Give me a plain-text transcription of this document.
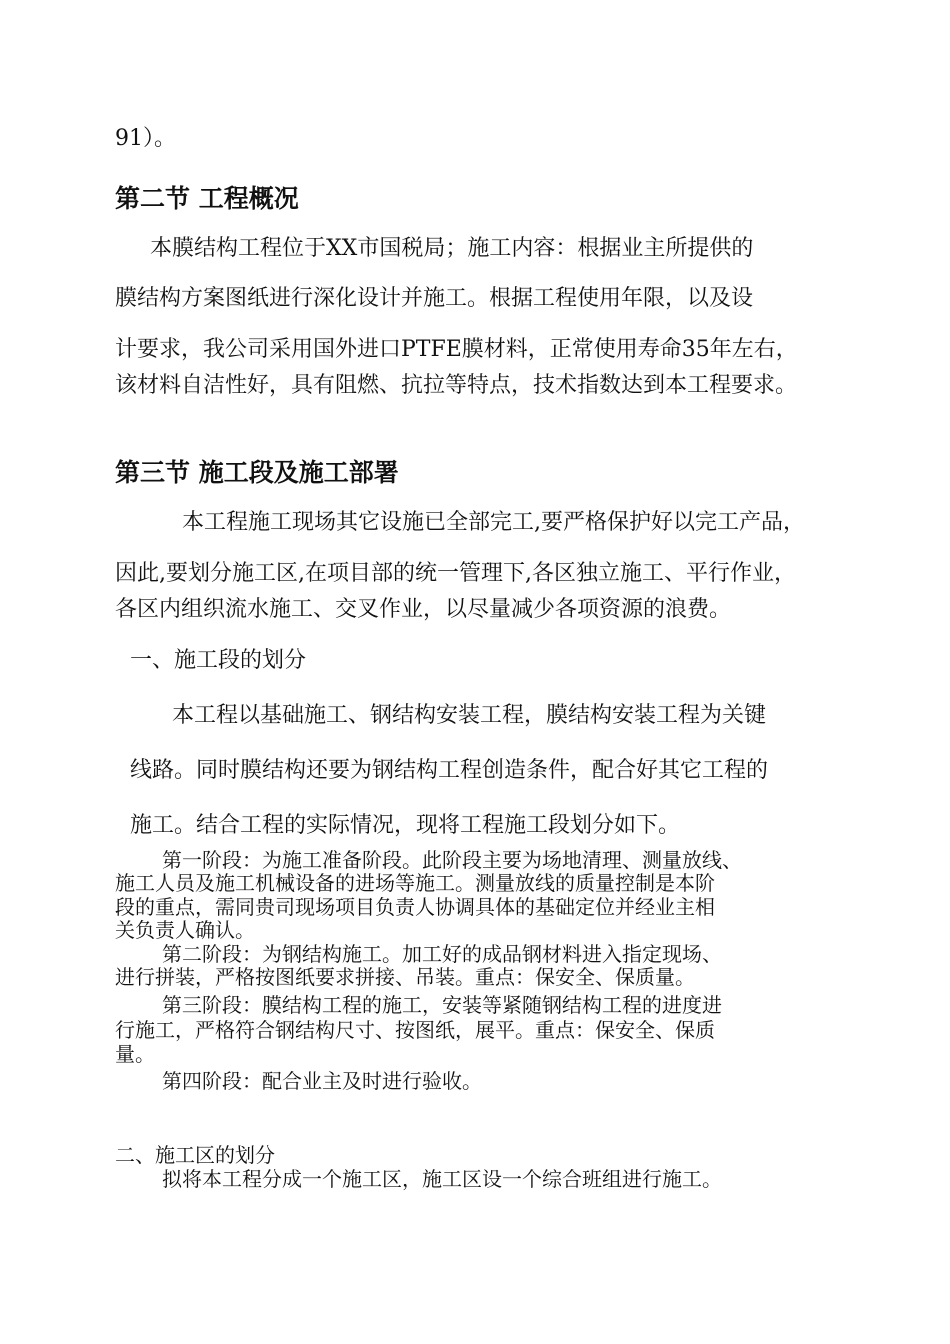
91）。
第二节 工程概况
本膜结构工程位于XX市国税局；施工内容：根据业主所提供的
膜结构方案图纸进行深化设计并施工。根据工程使用年限，以及设
计要求，我公司采用国外进口PTFE膜材料，正常使用寿命35年左右，
该材料自洁性好，具有阻燃、抗拉等特点，技术指数达到本工程要求。
第三节 施工段及施工部署
本工程施工现场其它设施已全部完工,要严格保护好以完工产品，
因此,要划分施工区,在项目部的统一管理下,各区独立施工、平行作业，
各区内组织流水施工、交叉作业，以尽量减少各项资源的浪费。
一、施工段的划分
本工程以基础施工、钢结构安装工程，膜结构安装工程为关键
线路。同时膜结构还要为钢结构工程创造条件，配合好其它工程的
施工。结合工程的实际情况，现将工程施工段划分如下。
第一阶段：为施工准备阶段。此阶段主要为场地清理、测量放线、
施工人员及施工机械设备的进场等施工。测量放线的质量控制是本阶
段的重点，需同贵司现场项目负责人协调具体的基础定位并经业主相
关负责人确认。
第二阶段：为钢结构施工。加工好的成品钢材料进入指定现场、
进行拼装，严格按图纸要求拼接、吊装。重点：保安全、保质量。
第三阶段：膜结构工程的施工，安装等紧随钢结构工程的进度进
行施工，严格符合钢结构尺寸、按图纸，展平。重点：保安全、保质
量。
第四阶段：配合业主及时进行验收。
二、施工区的划分
拟将本工程分成一个施工区，施工区设一个综合班组进行施工。
